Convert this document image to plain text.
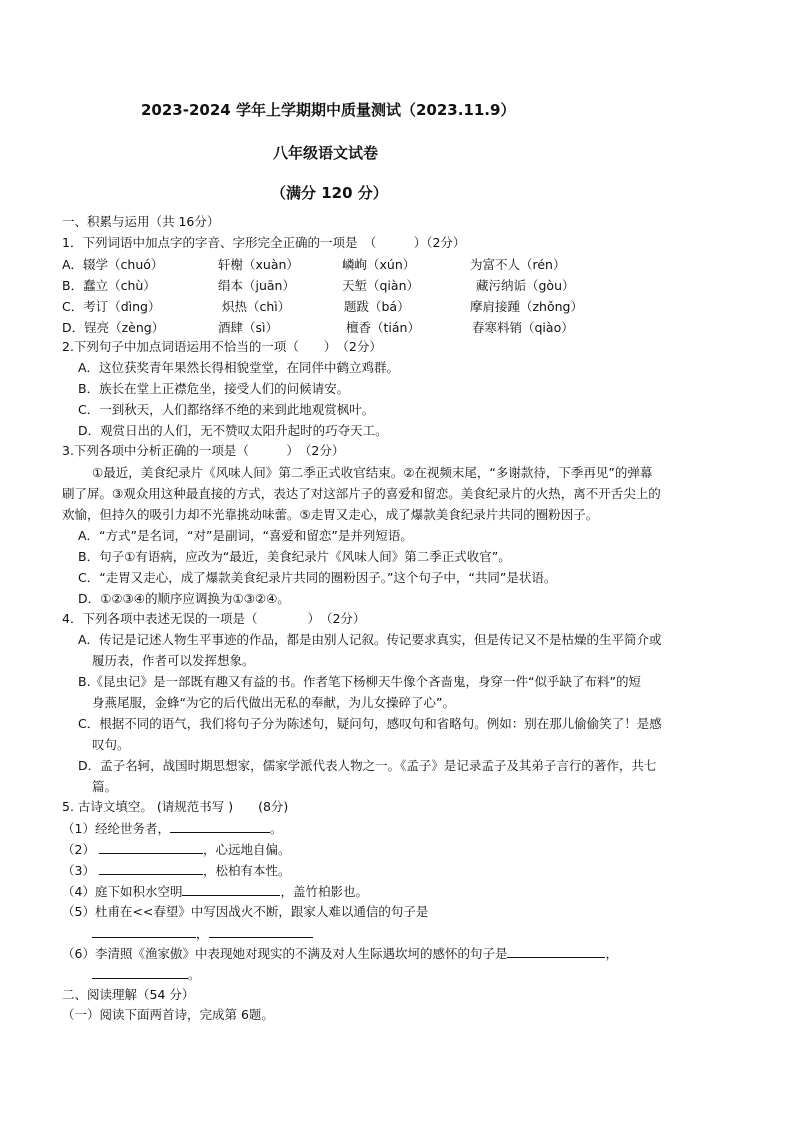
2023-2024 学年上学期期中质量测试（2023.11.9）
八年级语文试卷
（满分 120 分）
一、积累与运用（共 16分）
1．下列词语中加点字的字音、字形完全正确的一项是　（　　　）（2分）
A．辍学（chuó）	轩榭（xuàn）	嶙峋（xún）	为富不人（rén）
B．蠢立（chù）	绢本（juān）	天堑（qiàn）	藏污纳诟（gòu）
C．考订（dìng）	炽热（chì）	题跋（bá）	摩肩接踵（zhǒng）
D．锃亮（zèng）	酒肆（sì）	檀香（tián）	春寒料销（qiào）
2.下列句子中加点词语运用不恰当的一项（　　）　（2分）
A．这位获奖青年果然长得相貌堂堂，在同伴中鹤立鸡群。
B．族长在堂上正襟危坐，接受人们的问候请安。
C．一到秋天，人们都络绎不绝的来到此地观赏枫叶。
D．观赏日出的人们，无不赞叹太阳升起时的巧夺天工。
3.下列各项中分析正确的一项是（　　　）　（2分）
①最近，美食纪录片《风味人间》第二季正式收官结束。②在视频末尾，“多谢款待，下季再见”的弹幕
刷了屏。③观众用这种最直接的方式，表达了对这部片子的喜爱和留恋。美食纪录片的火热，离不开舌尖上的
欢愉，但持久的吸引力却不光靠挑动味蕾。⑤走胃又走心，成了爆款美食纪录片共同的圈粉因子。
A．“方式”是名词，“对”是副词，“喜爱和留恋”是并列短语。
B．句子①有语病，应改为“最近，美食纪录片《风味人间》第二季正式收官”。
C．“走胃又走心，成了爆款美食纪录片共同的圈粉因子。”这个句子中，“共同”是状语。
D．①②③④的顺序应调换为①③②④。
4．下列各项中表述无误的一项是（　　　　）　（2分）
A．传记是记述人物生平事迹的作品，都是由别人记叙。传记要求真实，但是传记又不是枯燥的生平简介或
履历表，作者可以发挥想象。
B.《昆虫记》是一部既有趣又有益的书。作者笔下杨柳天牛像个吝啬鬼，身穿一件“似乎缺了布料”的短
身燕尾服，金蜂“为它的后代做出无私的奉献，为儿女操碎了心”。
C．根据不同的语气，我们将句子分为陈述句，疑问句，感叹句和省略句。例如：别在那儿偷偷笑了！是感
叹句。
D．孟子名轲，战国时期思想家，儒家学派代表人物之一。《孟子》是记录孟子及其弟子言行的著作，共七
篇。
5. 古诗文填空。 (请规范书写 )　　(8分)
（1）经纶世务者，	。
（2）	，心远地自偏。
（3）	，松柏有本性。
（4）庭下如积水空明	，盖竹柏影也。
（5）杜甫在<<春望》中写因战火不断，跟家人难以通信的句子是
，
（6）李清照《渔家傲》中表现她对现实的不满及对人生际遇坎坷的感怀的句子是	，
。
二、阅读理解（54 分）
（一）阅读下面两首诗，完成第 6题。
